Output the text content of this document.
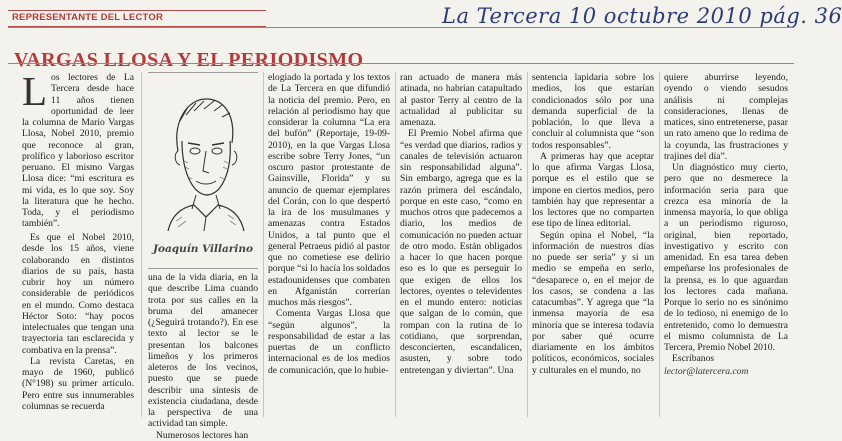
REPRESENTANTE DEL LECTOR	La Tercera 10 octubre 2010 pág. 36
VARGAS LLOSA Y EL PERIODISMO

Los lectores de La Tercera desde hace 11 años tienen oportunidad de leer la columna de Mario Vargas Llosa, Nobel 2010, premio que reconoce al gran, prolífico y laborioso escritor peruano. El mismo Vargas Llosa dice: “mi escritura es mi vida, es lo que soy. Soy la literatura que he hecho. Toda, y el periodismo también”.

Es que el Nobel 2010, desde los 15 años, viene colaborando en distintos diarios de su país, hasta cubrir hoy un número considerable de periódicos en el mundo. Como destaca Héctor Soto: “hay pocos intelectuales que tengan una trayectoria tan esclarecida y combativa en la prensa”.

La revista Caretas, en mayo de 1960, publicó (N°198) su primer artículo. Pero entre sus innumerables columnas se recuerda

Joaquín Villarino

una de la vida diaria, en la que describe Lima cuando trota por sus calles en la bruma del amanecer (¿Seguirá trotando?). En ese texto al lector se le presentan los balcones limeños y los primeros aleteros de los vecinos, puesto que se puede describir una síntesis de existencia ciudadana, desde la perspectiva de una actividad tan simple.

Numerosos lectores han

elogiado la portada y los textos de La Tercera en que difundió la noticia del premio. Pero, en relación al periodismo hay que considerar la columna “La era del bufón” (Reportaje, 19-09-2010), en la que Vargas Llosa escribe sobre Terry Jones, “un oscuro pastor protestante de Gainsville, Florida” y su anuncio de quemar ejemplares del Corán, con lo que despertó la ira de los musulmanes y amenazas contra Estados Unidos, a tal punto que el general Petraeus pidió al pastor que no cometiese ese delirio porque “si lo hacía los soldados estadounidenses que combaten en Afganistán correrían muchos más riesgos”.

Comenta Vargas Llosa que “según algunos”, la responsabilidad de estar a las puertas de un conflicto internacional es de los medios de comunicación, que lo hubie-

ran actuado de manera más atinada, no habrían catapultado al pastor Terry al centro de la actualidad al publicitar su amenaza.

El Premio Nobel afirma que “es verdad que diarios, radios y canales de televisión actuaron sin responsabilidad alguna”. Sin embargo, agrega que es la razón primera del escándalo, porque en este caso, “como en muchos otros que padecemos a diario, los medios de comunicación no pueden actuar de otro modo. Están obligados a hacer lo que hacen porque eso es lo que es perseguir lo que exigen de ellos los lectores, oyentes o televidentes en el mundo entero: noticias que salgan de lo común, que rompan con la rutina de lo cotidiano, que sorprendan, desconcierten, escandalicen, asusten, y sobre todo entretengan y diviertan”. Una

sentencia lapidaria sobre los medios, los que estarían condicionados sólo por una demanda superficial de la población, lo que lleva a concluir al columnista que “son todos responsables”.

A primeras hay que aceptar lo que afirma Vargas Llosa, porque es el estilo que se impone en ciertos medios, pero también hay que representar a los lectores que no comparten ese tipo de línea editorial.

Según opina el Nobel, “la información de nuestros días no puede ser seria” y si un medio se empeña en serlo, “desaparece o, en el mejor de los casos, se condena a las catacumbas”. Y agrega que “la inmensa mayoría de esa minoría que se interesa todavía por saber qué ocurre diariamente en los ámbitos políticos, económicos, sociales y culturales en el mundo, no

quiere aburrirse leyendo, oyendo o viendo sesudos análisis ni complejas consideraciones, llenas de matices, sino entretenerse, pasar un rato ameno que lo redima de la coyunda, las frustraciones y trajines del día”.

Un diagnóstico muy cierto, pero que no desmerece la información seria para que crezca esa minoría de la inmensa mayoría, lo que obliga a un periodismo riguroso, original, bien reportado, investigativo y escrito con amenidad. En esa tarea deben empeñarse los profesionales de la prensa, es lo que aguardan los lectores cada mañana. Porque lo serio no es sinónimo de lo tedioso, ni enemigo de lo entretenido, como lo demuestra el mismo columnista de La Tercera, Premio Nobel 2010.

Escríbanos
lector@latercera.com
